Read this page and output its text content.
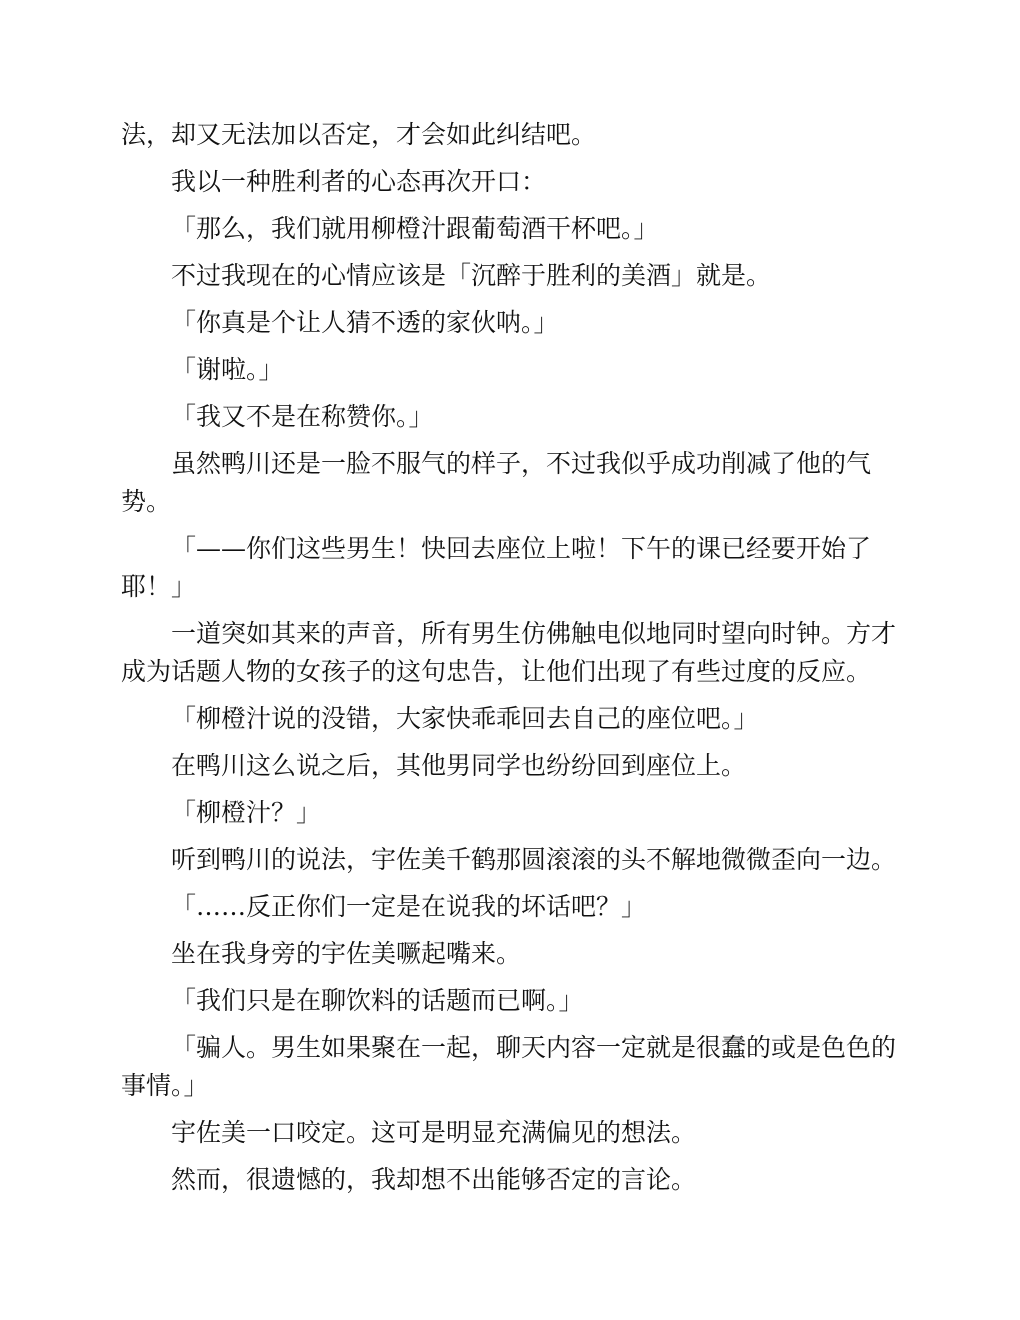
法，却又无法加以否定，才会如此纠结吧。

我以一种胜利者的心态再次开口：

「那么，我们就用柳橙汁跟葡萄酒干杯吧。」

不过我现在的心情应该是「沉醉于胜利的美酒」就是。

「你真是个让人猜不透的家伙呐。」

「谢啦。」

「我又不是在称赞你。」

虽然鸭川还是一脸不服气的样子，不过我似乎成功削减了他的气势。

「——你们这些男生！快回去座位上啦！下午的课已经要开始了耶！」

一道突如其来的声音，所有男生仿佛触电似地同时望向时钟。方才成为话题人物的女孩子的这句忠告，让他们出现了有些过度的反应。

「柳橙汁说的没错，大家快乖乖回去自己的座位吧。」

在鸭川这么说之后，其他男同学也纷纷回到座位上。

「柳橙汁？」

听到鸭川的说法，宇佐美千鹤那圆滚滚的头不解地微微歪向一边。

「……反正你们一定是在说我的坏话吧？」

坐在我身旁的宇佐美噘起嘴来。

「我们只是在聊饮料的话题而已啊。」

「骗人。男生如果聚在一起，聊天内容一定就是很蠢的或是色色的事情。」

宇佐美一口咬定。这可是明显充满偏见的想法。

然而，很遗憾的，我却想不出能够否定的言论。
